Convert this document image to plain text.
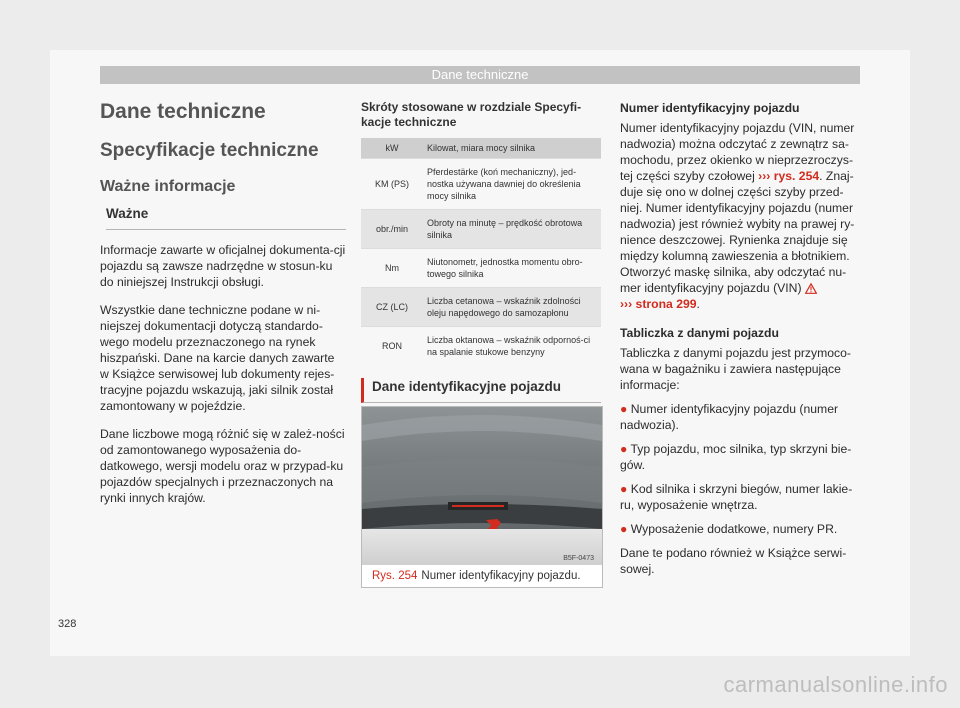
Dane techniczne
Dane techniczne
Specyfikacje techniczne
Ważne informacje
Ważne

Informacje zawarte w oficjalnej dokumenta-cji pojazdu są zawsze nadrzędne w stosun-ku do niniejszej Instrukcji obsługi.

Wszystkie dane techniczne podane w ni-niejszej dokumentacji dotyczą standardo-wego modelu przeznaczonego na rynek hiszpański. Dane na karcie danych zawarte w Książce serwisowej lub dokumenty rejes-tracyjne pojazdu wskazują, jaki silnik został zamontowany w pojeździe.

Dane liczbowe mogą różnić się w zależ-ności od zamontowanego wyposażenia do-datkowego, wersji modelu oraz w przypad-ku pojazdów specjalnych i przeznaczonych na rynki innych krajów.

Skróty stosowane w rozdziale Specyfi-kacje techniczne
kW	Kilowat, miara mocy silnika
KM (PS)	Pferdestärke (koń mechaniczny), jed-nostka używana dawniej do określenia mocy silnika
obr./min	Obroty na minutę – prędkość obrotowa silnika
Nm	Niutonometr, jednostka momentu obro-towego silnika
CZ (LC)	Liczba cetanowa – wskaźnik zdolności oleju napędowego do samozapłonu
RON	Liczba oktanowa – wskaźnik odpornoś-ci na spalanie stukowe benzyny
Dane identyfikacyjne pojazdu
B5F-0473
Rys. 254 Numer identyfikacyjny pojazdu.
Numer identyfikacyjny pojazdu

Numer identyfikacyjny pojazdu (VIN, numer nadwozia) można odczytać z zewnątrz sa-mochodu, przez okienko w nieprzezroczys-tej części szyby czołowej ››› rys. 254. Znaj-duje się ono w dolnej części szyby przed-niej. Numer identyfikacyjny pojazdu (numer nadwozia) jest również wybity na prawej ry-nience deszczowej. Rynienka znajduje się między kolumną zawieszenia a błotnikiem. Otworzyć maskę silnika, aby odczytać nu-mer identyfikacyjny pojazdu (VIN)
››› strona 299.

Tabliczka z danymi pojazdu

Tabliczka z danymi pojazdu jest przymoco-wana w bagażniku i zawiera następujące informacje:

● Numer identyfikacyjny pojazdu (numer nadwozia).
● Typ pojazdu, moc silnika, typ skrzyni bie-gów.
● Kod silnika i skrzyni biegów, numer lakie-ru, wyposażenie wnętrza.
● Wyposażenie dodatkowe, numery PR.

Dane te podano również w Książce serwi-sowej.

328
carmanualsonline.info
